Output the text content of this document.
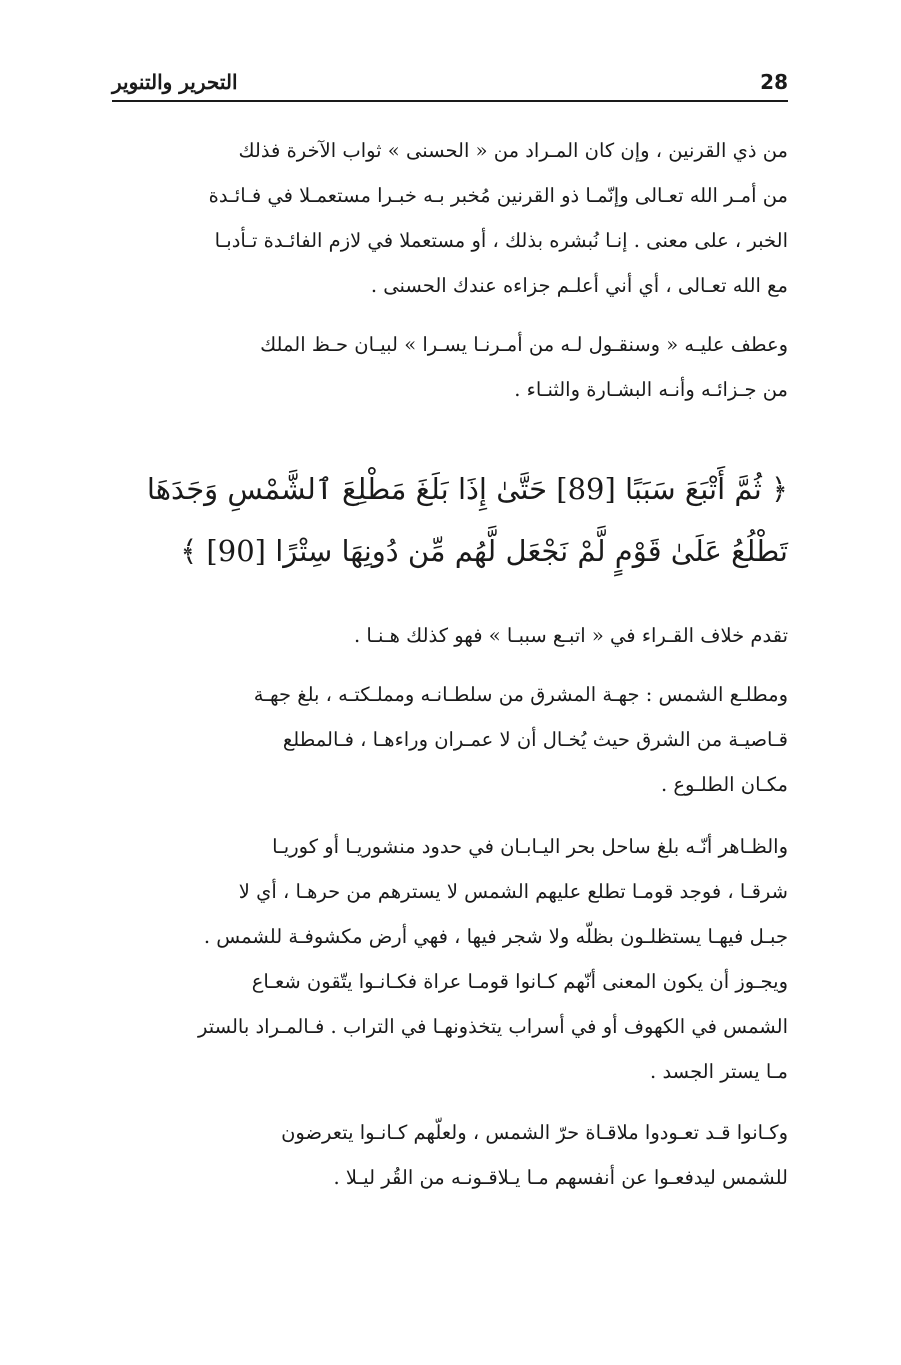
28
التحرير والتنوير
من ذي القرنين ، وإن كان المـراد من « الحسنى » ثواب الآخرة فذلك
من أمـر الله تعـالى وإنّمـا ذو القرنين مُخبر بـه خبـرا مستعمـلا في فـائـدة
الخبر ، على معنى . إنـا نُبشره بذلك ، أو مستعملا في لازم الفائـدة تـأدبـا
مع الله تعـالى ، أي أني أعلـم جزاءه عندك الحسنى .
وعطف عليـه « وسنقـول لـه من أمـرنـا يسـرا » لبيـان حـظ الملك
من جـزائـه وأنـه البشـارة والثنـاء .
﴿ ثُمَّ أَتْبَعَ سَبَبًا [89] حَتَّىٰ إِذَا بَلَغَ مَطْلِعَ ٱلشَّمْسِ وَجَدَهَا
تَطْلُعُ عَلَىٰ قَوْمٍ لَّمْ نَجْعَل لَّهُم مِّن دُونِهَا سِتْرًا [90] ﴾
تقدم خلاف القـراء في « اتبـع سببـا » فهو كذلك هـنـا .
ومطلـع الشمس : جهـة المشرق من سلطـانـه ومملـكتـه ، بلغ جهـة
قـاصيـة من الشرق حيث يُخـال أن لا عمـران وراءهـا ، فـالمطلع
مكـان الطلـوع .
والظـاهر أنّـه بلغ ساحل بحر اليـابـان في حدود منشوريـا أو كوريـا
شرقـا ، فوجد قومـا تطلع عليهم الشمس لا يسترهم من حرهـا ، أي لا
جبـل فيهـا يستظلـون بظلّه ولا شجر فيها ، فهي أرض مكشوفـة للشمس .
ويجـوز أن يكون المعنى أنّهم كـانوا قومـا عراة فكـانـوا يتّقون شعـاع
الشمس في الكهوف أو في أسراب يتخذونهـا في التراب . فـالمـراد بالستر
مـا يستر الجسد .
وكـانوا قـد تعـودوا ملاقـاة حرّ الشمس ، ولعلّهم كـانـوا يتعرضون
للشمس ليدفعـوا عن أنفسهم مـا يـلاقـونـه من القُر ليـلا .
